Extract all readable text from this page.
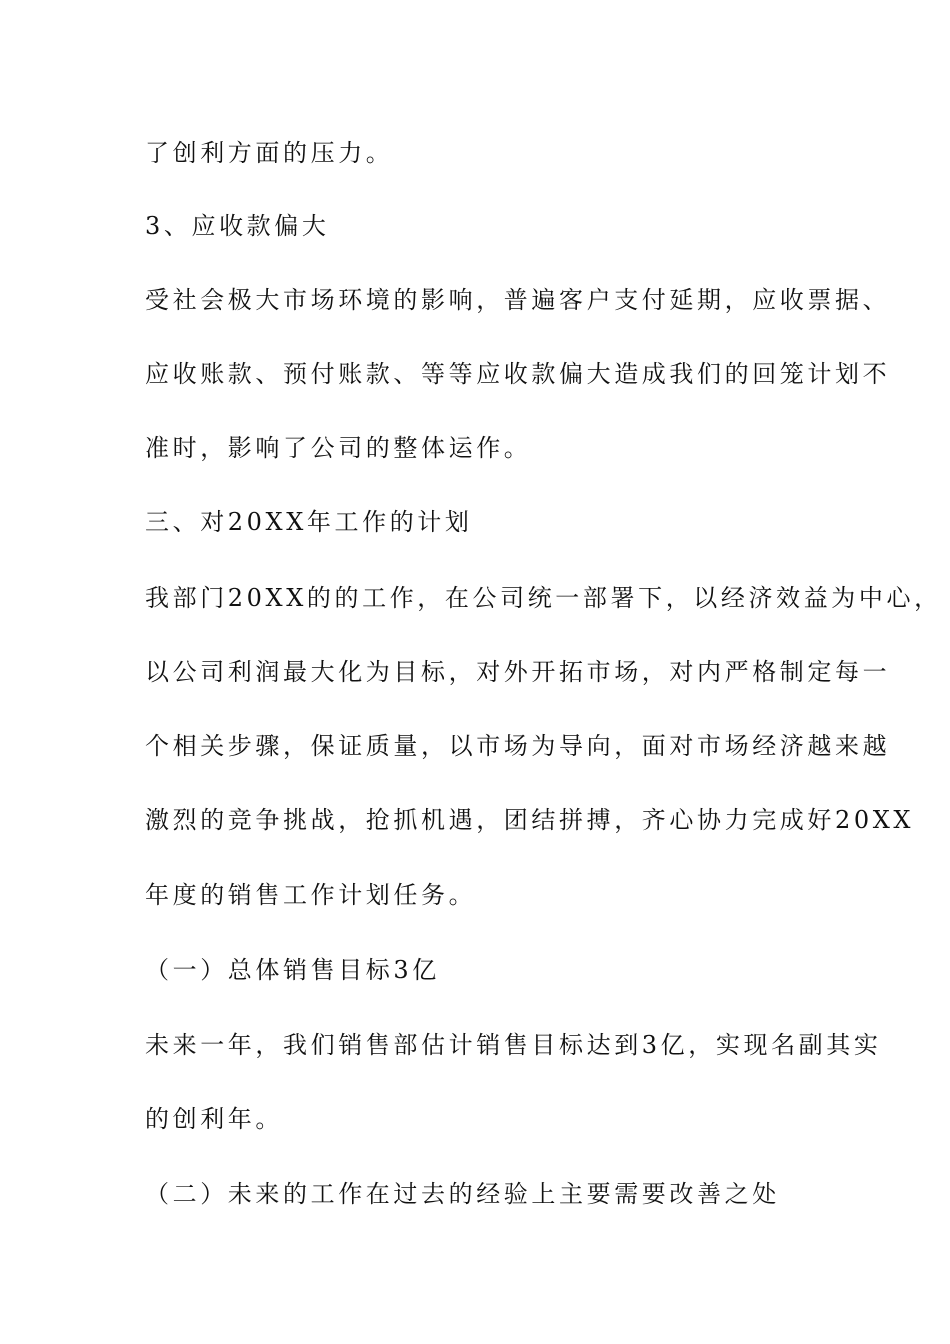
了创利方面的压力。
3、应收款偏大
受社会极大市场环境的影响，普遍客户支付延期，应收票据、
应收账款、预付账款、等等应收款偏大造成我们的回笼计划不
准时，影响了公司的整体运作。
三、对20XX年工作的计划
我部门20XX的的工作，在公司统一部署下，以经济效益为中心，
以公司利润最大化为目标，对外开拓市场，对内严格制定每一
个相关步骤，保证质量，以市场为导向，面对市场经济越来越
激烈的竞争挑战，抢抓机遇，团结拼搏，齐心协力完成好20XX
年度的销售工作计划任务。
（一）总体销售目标3亿
未来一年，我们销售部估计销售目标达到3亿，实现名副其实
的创利年。
（二）未来的工作在过去的经验上主要需要改善之处
